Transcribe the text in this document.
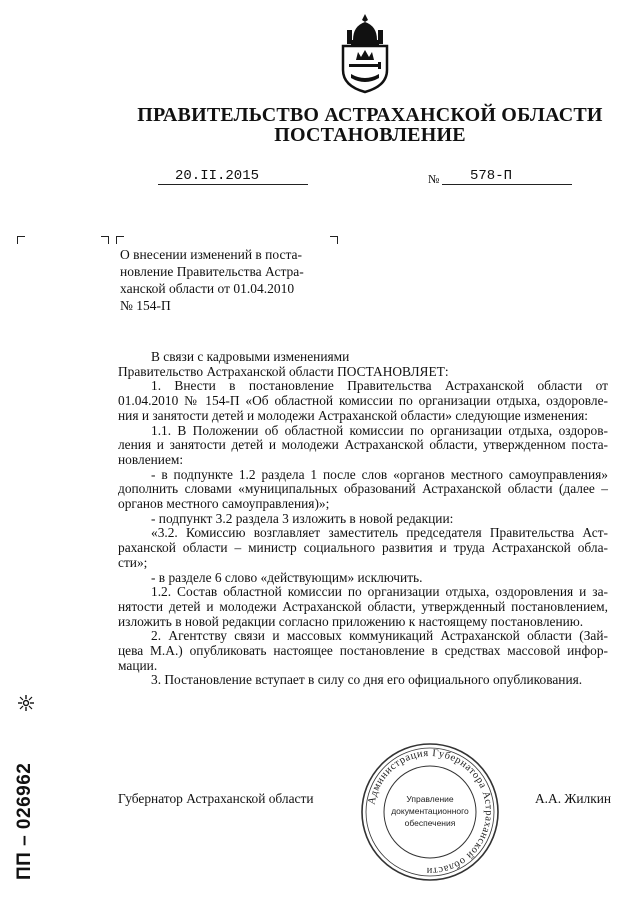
ПРАВИТЕЛЬСТВО АСТРАХАНСКОЙ ОБЛАСТИ
ПОСТАНОВЛЕНИЕ
20.II.2015	№ 578-П
О внесении изменений в поста-
новление Правительства Астра-
ханской области от 01.04.2010
№ 154-П
В связи с кадровыми изменениями
Правительство Астраханской области ПОСТАНОВЛЯЕТ:
1. Внести в постановление Правительства Астраханской области от
01.04.2010 № 154-П «Об областной комиссии по организации отдыха, оздоровле-
ния и занятости детей и молодежи Астраханской области» следующие изменения:
1.1. В Положении об областной комиссии по организации отдыха, оздоров-
ления и занятости детей и молодежи Астраханской области, утвержденном поста-
новлением:
- в подпункте 1.2 раздела 1 после слов «органов местного самоуправления»
дополнить словами «муниципальных образований Астраханской области (далее –
органов местного самоуправления)»;
- подпункт 3.2 раздела 3 изложить в новой редакции:
«3.2. Комиссию возглавляет заместитель председателя Правительства Аст-
раханской области – министр социального развития и труда Астраханской обла-
сти»;
- в разделе 6 слово «действующим» исключить.
1.2. Состав областной комиссии по организации отдыха, оздоровления и за-
нятости детей и молодежи Астраханской области, утвержденный постановлением,
изложить в новой редакции согласно приложению к настоящему постановлению.
2. Агентству связи и массовых коммуникаций Астраханской области (Зай-
цева М.А.) опубликовать настоящее постановление в средствах массовой инфор-
мации.
3. Постановление вступает в силу со дня его официального опубликования.
Губернатор Астраханской области	А.А. Жилкин
Администрация Губернатора Астраханской области
Управление
документационного
обеспечения
ПП – 026962
